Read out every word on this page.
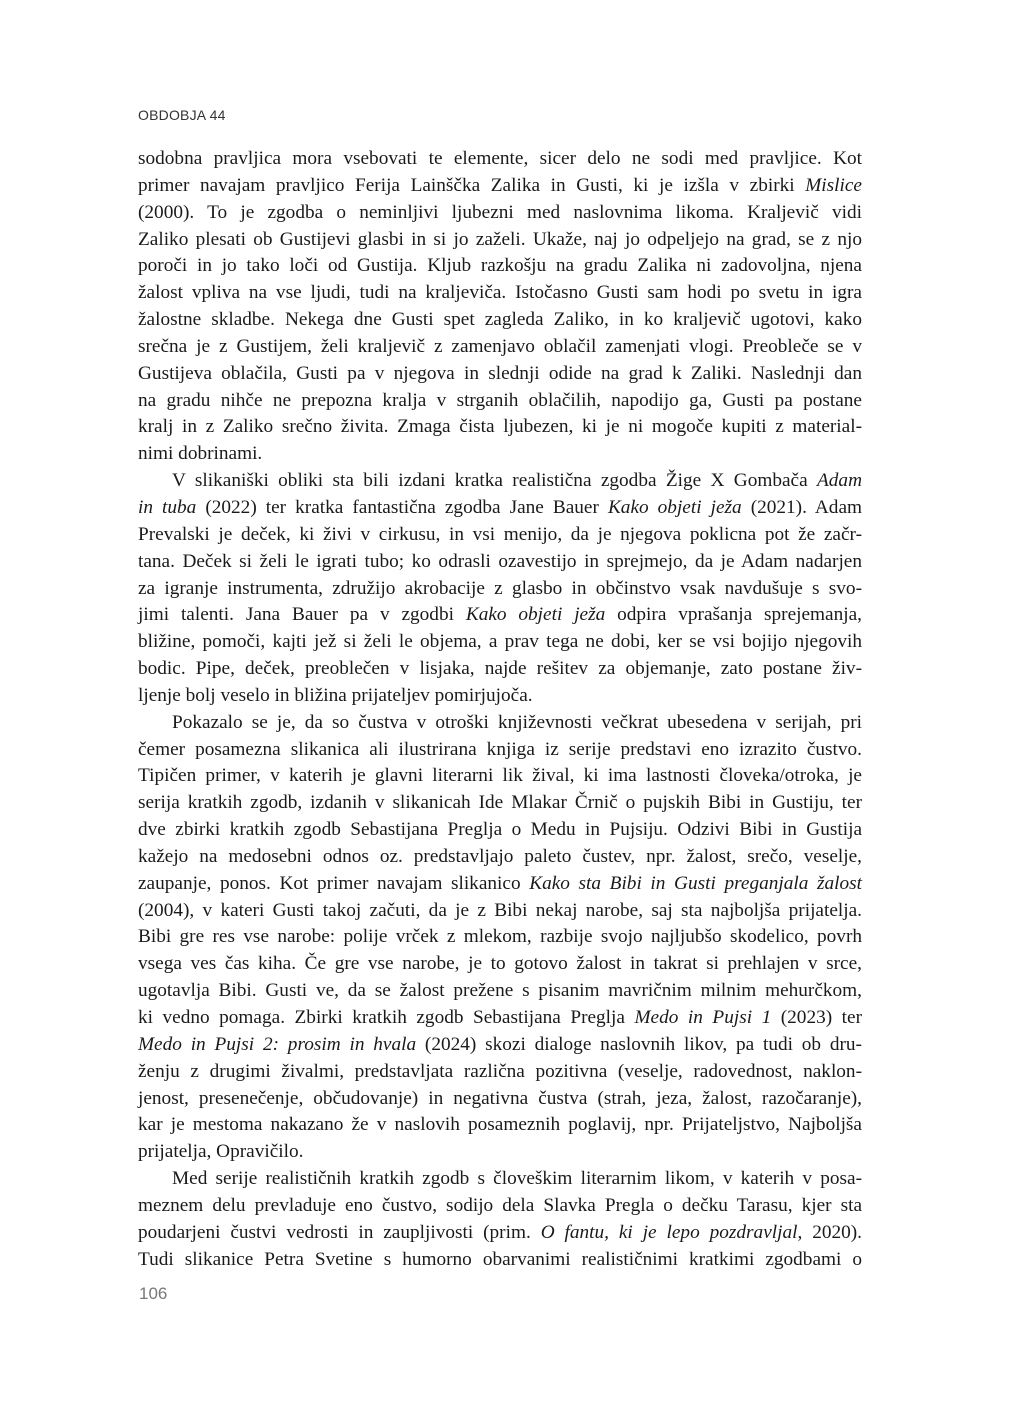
OBDOBJA 44
sodobna pravljica mora vsebovati te elemente, sicer delo ne sodi med pravljice. Kot
primer navajam pravljico Ferija Lainščka Zalika in Gusti, ki je izšla v zbirki Mislice
(2000). To je zgodba o neminljivi ljubezni med naslovnima likoma. Kraljevič vidi
Zaliko plesati ob Gustijevi glasbi in si jo zaželi. Ukaže, naj jo odpeljejo na grad, se z njo
poroči in jo tako loči od Gustija. Kljub razkošju na gradu Zalika ni zadovoljna, njena
žalost vpliva na vse ljudi, tudi na kraljeviča. Istočasno Gusti sam hodi po svetu in igra
žalostne skladbe. Nekega dne Gusti spet zagleda Zaliko, in ko kraljevič ugotovi, kako
srečna je z Gustijem, želi kraljevič z zamenjavo oblačil zamenjati vlogi. Preobleče se v
Gustijeva oblačila, Gusti pa v njegova in slednji odide na grad k Zaliki. Naslednji dan
na gradu nihče ne prepozna kralja v strganih oblačilih, napodijo ga, Gusti pa postane
kralj in z Zaliko srečno živita. Zmaga čista ljubezen, ki je ni mogoče kupiti z material-
nimi dobrinami.
V slikaniški obliki sta bili izdani kratka realistična zgodba Žige X Gombača Adam
in tuba (2022) ter kratka fantastična zgodba Jane Bauer Kako objeti ježa (2021). Adam
Prevalski je deček, ki živi v cirkusu, in vsi menijo, da je njegova poklicna pot že začr-
tana. Deček si želi le igrati tubo; ko odrasli ozavestijo in sprejmejo, da je Adam nadarjen
za igranje instrumenta, združijo akrobacije z glasbo in občinstvo vsak navdušuje s svo-
jimi talenti. Jana Bauer pa v zgodbi Kako objeti ježa odpira vprašanja sprejemanja,
bližine, pomoči, kajti jež si želi le objema, a prav tega ne dobi, ker se vsi bojijo njegovih
bodic. Pipe, deček, preoblečen v lisjaka, najde rešitev za objemanje, zato postane živ-
ljenje bolj veselo in bližina prijateljev pomirjujoča.
Pokazalo se je, da so čustva v otroški književnosti večkrat ubesedena v serijah, pri
čemer posamezna slikanica ali ilustrirana knjiga iz serije predstavi eno izrazito čustvo.
Tipičen primer, v katerih je glavni literarni lik žival, ki ima lastnosti človeka/otroka, je
serija kratkih zgodb, izdanih v slikanicah Ide Mlakar Črnič o pujskih Bibi in Gustiju, ter
dve zbirki kratkih zgodb Sebastijana Preglja o Medu in Pujsiju. Odzivi Bibi in Gustija
kažejo na medosebni odnos oz. predstavljajo paleto čustev, npr. žalost, srečo, veselje,
zaupanje, ponos. Kot primer navajam slikanico Kako sta Bibi in Gusti preganjala žalost
(2004), v kateri Gusti takoj začuti, da je z Bibi nekaj narobe, saj sta najboljša prijatelja.
Bibi gre res vse narobe: polije vrček z mlekom, razbije svojo najljubšo skodelico, povrh
vsega ves čas kiha. Če gre vse narobe, je to gotovo žalost in takrat si prehlajen v srce,
ugotavlja Bibi. Gusti ve, da se žalost prežene s pisanim mavričnim milnim mehurčkom,
ki vedno pomaga. Zbirki kratkih zgodb Sebastijana Preglja Medo in Pujsi 1 (2023) ter
Medo in Pujsi 2: prosim in hvala (2024) skozi dialoge naslovnih likov, pa tudi ob dru-
ženju z drugimi živalmi, predstavljata različna pozitivna (veselje, radovednost, naklon-
jenost, presenečenje, občudovanje) in negativna čustva (strah, jeza, žalost, razočaranje),
kar je mestoma nakazano že v naslovih posameznih poglavij, npr. Prijateljstvo, Najboljša
prijatelja, Opravičilo.
Med serije realističnih kratkih zgodb s človeškim literarnim likom, v katerih v posa-
meznem delu prevladuje eno čustvo, sodijo dela Slavka Pregla o dečku Tarasu, kjer sta
poudarjeni čustvi vedrosti in zaupljivosti (prim. O fantu, ki je lepo pozdravljal, 2020).
Tudi slikanice Petra Svetine s humorno obarvanimi realističnimi kratkimi zgodbami o
106
